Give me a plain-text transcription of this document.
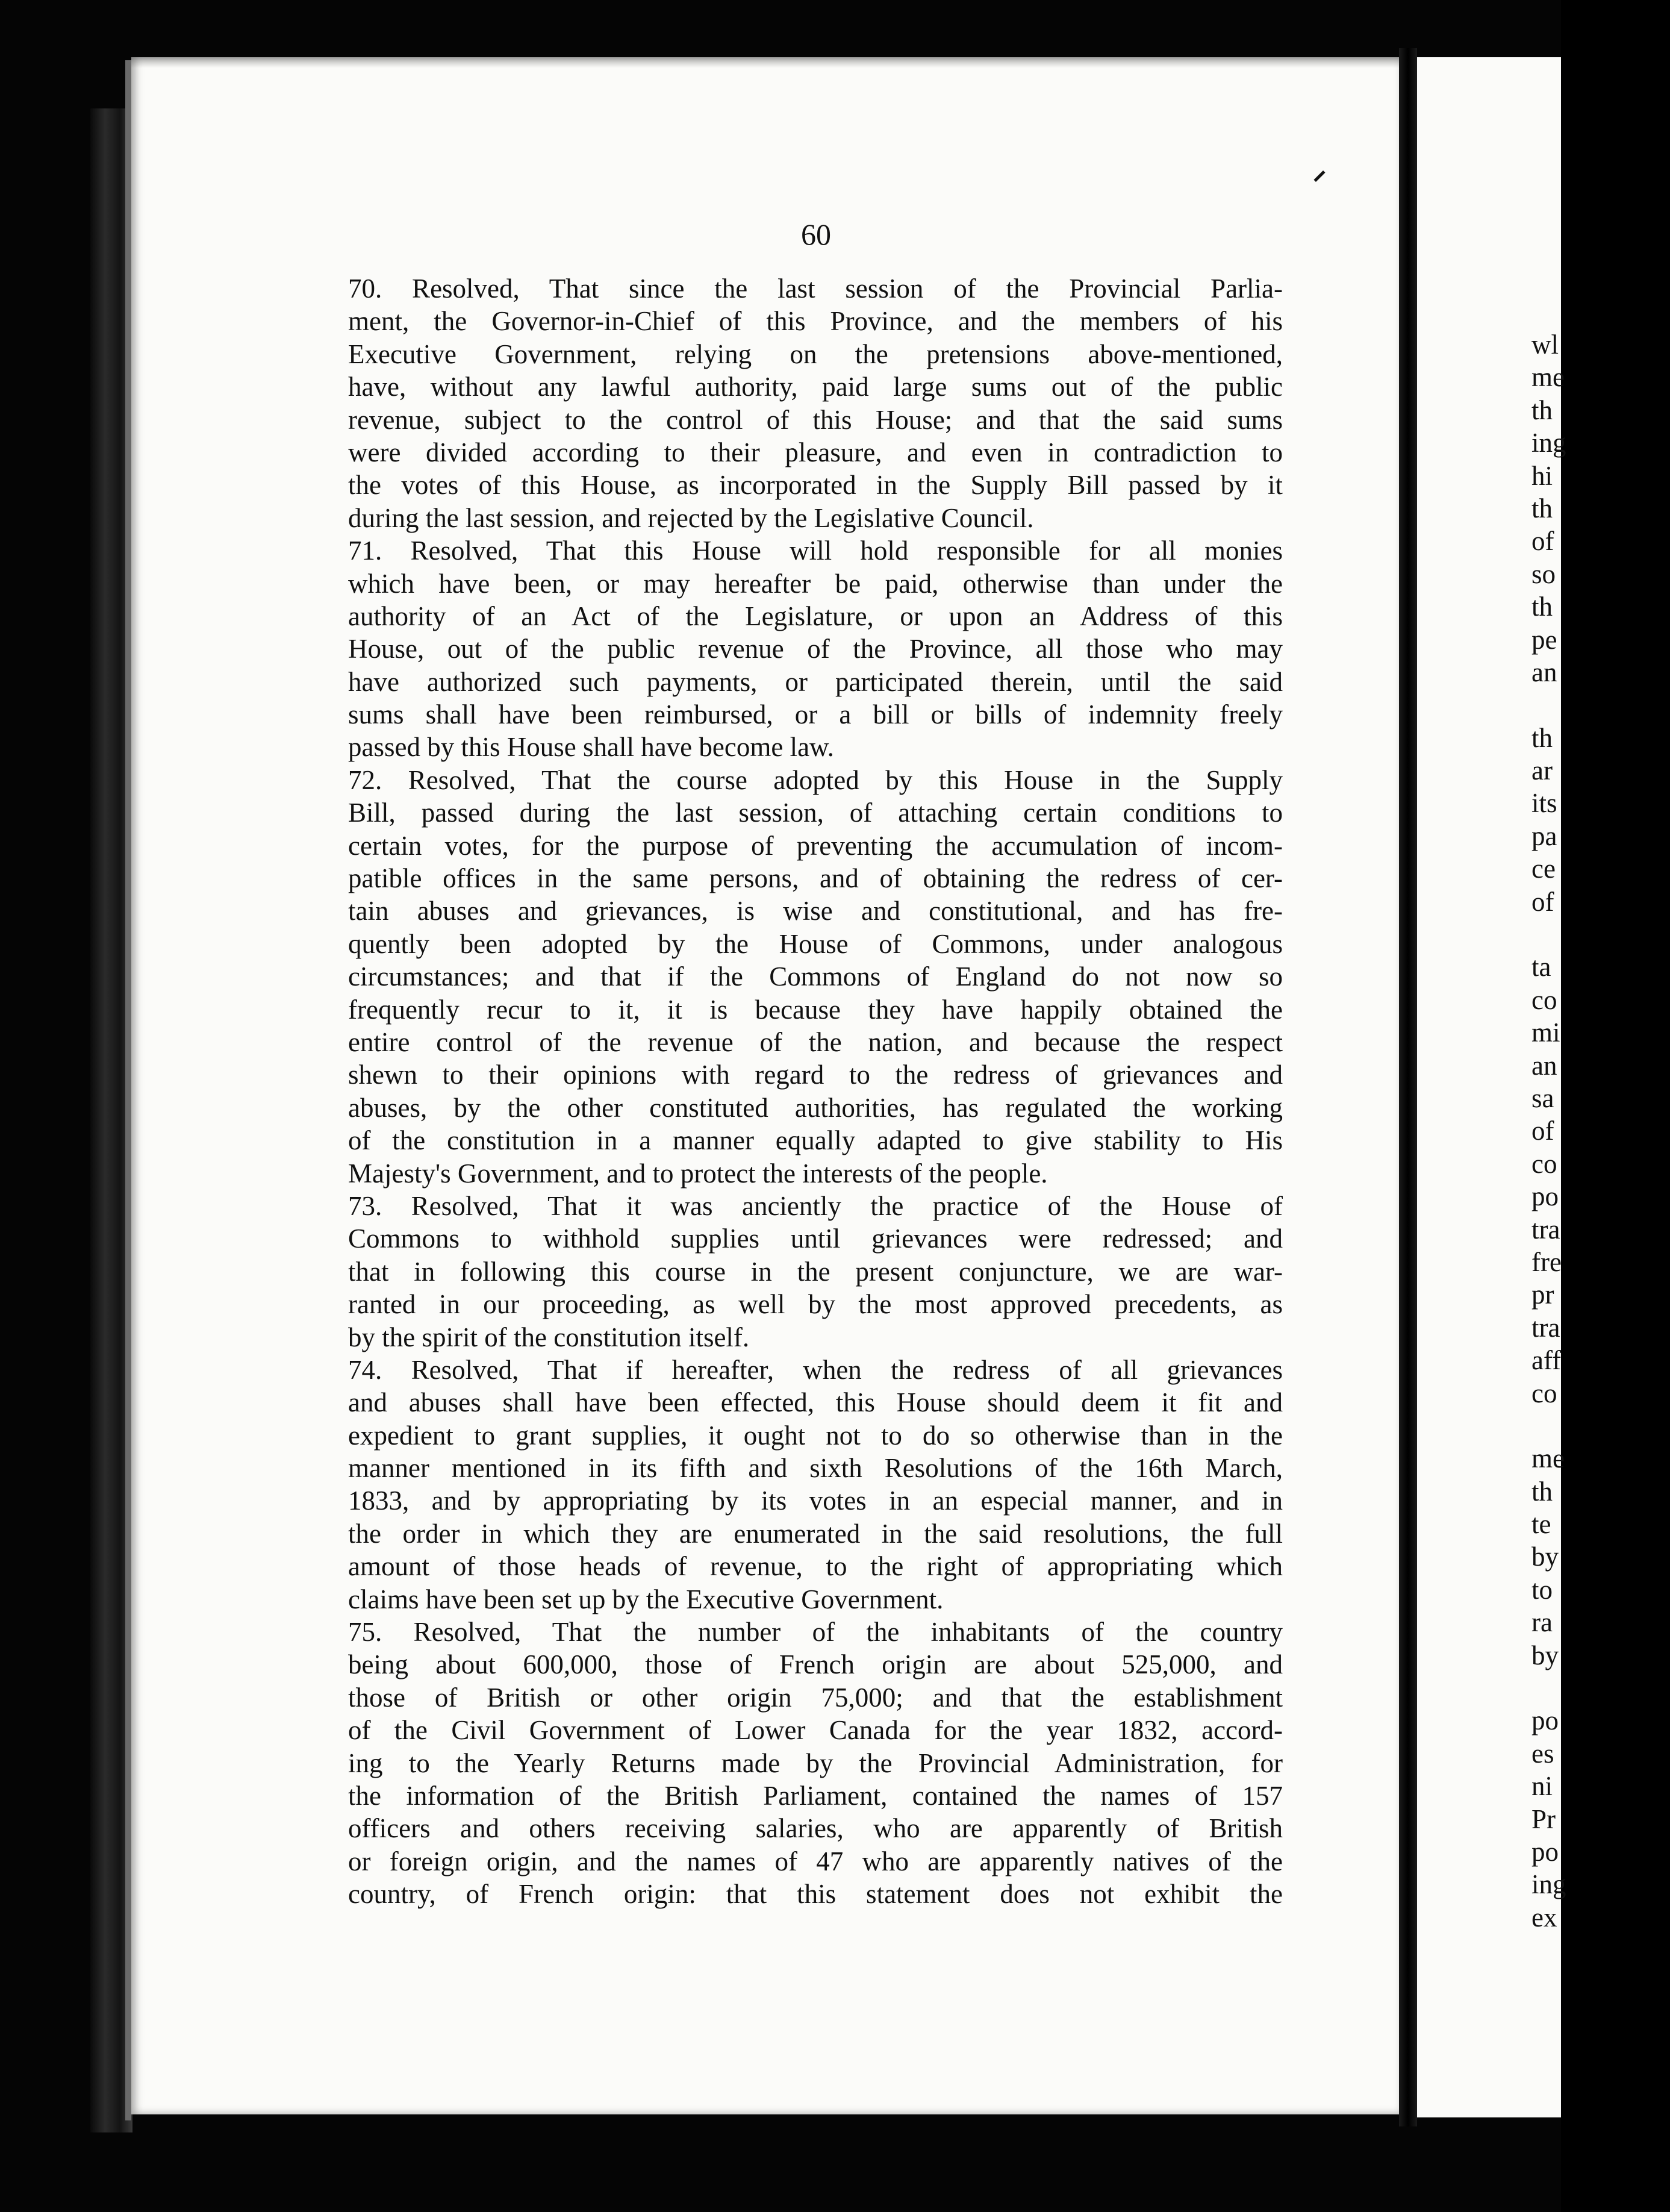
wl
me
th
ing
hi
th
of
so
th
pe
an
th
ar
its
pa
ce
of
ta
co
mi
an
sa
of
co
po
tra
fre
pr
tra
aff
co
me
th
te
by
to
ra
by
po
es
ni
Pr
po
ing
ex
60
70. Resolved, That since the last session of the Provincial Parlia-
ment, the Governor-in-Chief of this Province, and the members of his
Executive Government, relying on the pretensions above-mentioned,
have, without any lawful authority, paid large sums out of the public
revenue, subject to the control of this House; and that the said sums
were divided according to their pleasure, and even in contradiction to
the votes of this House, as incorporated in the Supply Bill passed by it
during the last session, and rejected by the Legislative Council.
71. Resolved, That this House will hold responsible for all monies
which have been, or may hereafter be paid, otherwise than under the
authority of an Act of the Legislature, or upon an Address of this
House, out of the public revenue of the Province, all those who may
have authorized such payments, or participated therein, until the said
sums shall have been reimbursed, or a bill or bills of indemnity freely
passed by this House shall have become law.
72. Resolved, That the course adopted by this House in the Supply
Bill, passed during the last session, of attaching certain conditions to
certain votes, for the purpose of preventing the accumulation of incom-
patible offices in the same persons, and of obtaining the redress of cer-
tain abuses and grievances, is wise and constitutional, and has fre-
quently been adopted by the House of Commons, under analogous
circumstances; and that if the Commons of England do not now so
frequently recur to it, it is because they have happily obtained the
entire control of the revenue of the nation, and because the respect
shewn to their opinions with regard to the redress of grievances and
abuses, by the other constituted authorities, has regulated the working
of the constitution in a manner equally adapted to give stability to His
Majesty's Government, and to protect the interests of the people.
73. Resolved, That it was anciently the practice of the House of
Commons to withhold supplies until grievances were redressed; and
that in following this course in the present conjuncture, we are war-
ranted in our proceeding, as well by the most approved precedents, as
by the spirit of the constitution itself.
74. Resolved, That if hereafter, when the redress of all grievances
and abuses shall have been effected, this House should deem it fit and
expedient to grant supplies, it ought not to do so otherwise than in the
manner mentioned in its fifth and sixth Resolutions of the 16th March,
1833, and by appropriating by its votes in an especial manner, and in
the order in which they are enumerated in the said resolutions, the full
amount of those heads of revenue, to the right of appropriating which
claims have been set up by the Executive Government.
75. Resolved, That the number of the inhabitants of the country
being about 600,000, those of French origin are about 525,000, and
those of British or other origin 75,000; and that the establishment
of the Civil Government of Lower Canada for the year 1832, accord-
ing to the Yearly Returns made by the Provincial Administration, for
the information of the British Parliament, contained the names of 157
officers and others receiving salaries, who are apparently of British
or foreign origin, and the names of 47 who are apparently natives of the
country, of French origin: that this statement does not exhibit the
